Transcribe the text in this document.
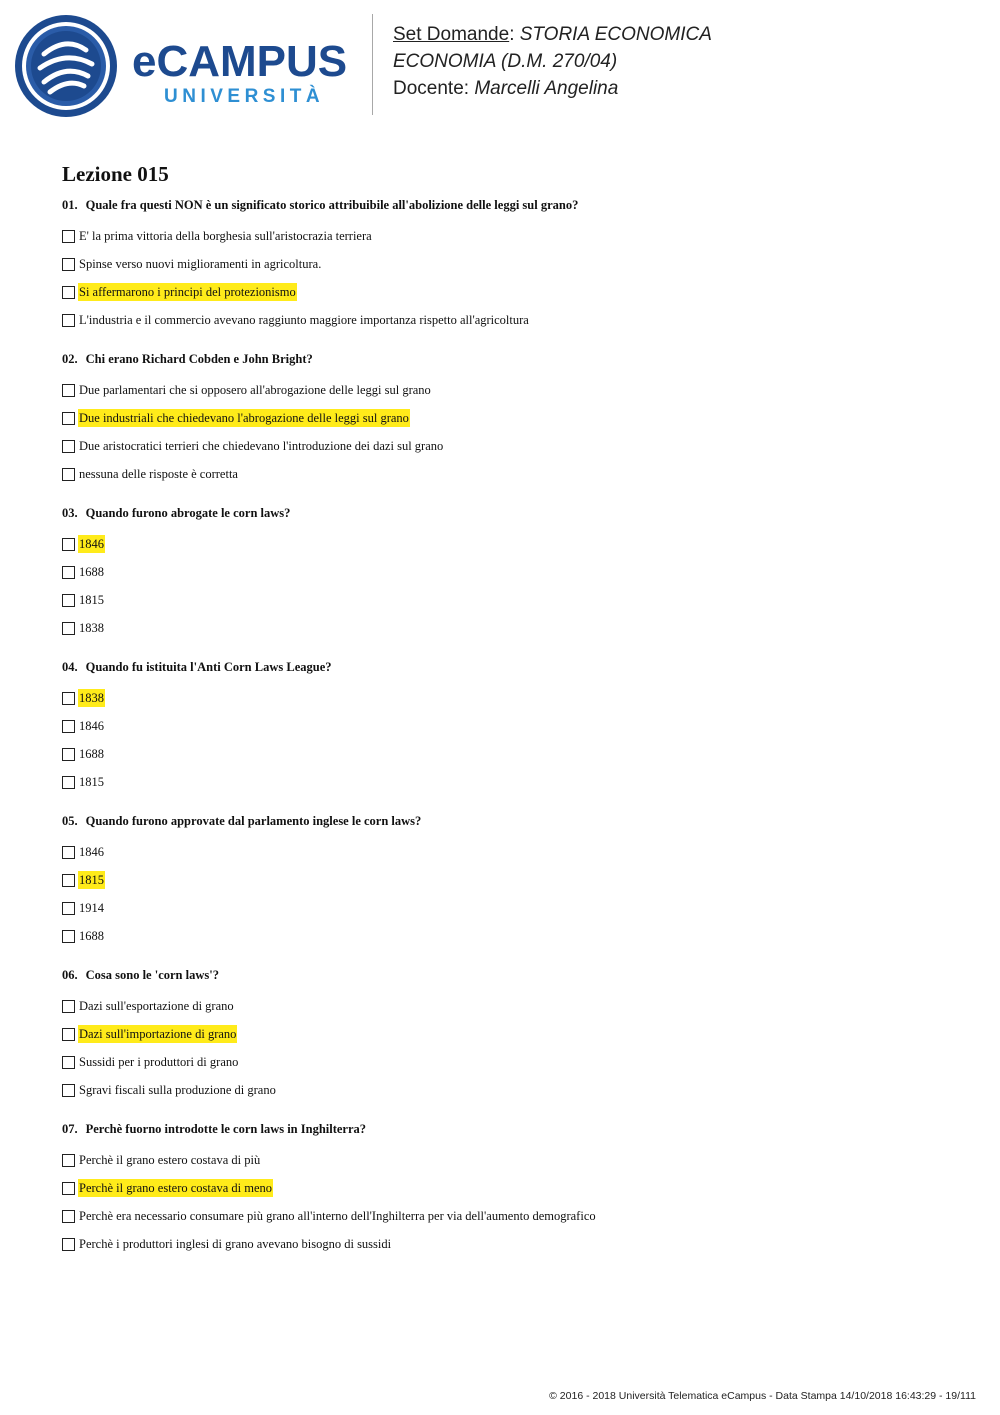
eCAMPUS
UNIVERSITÀ
Set Domande: STORIA ECONOMICA
ECONOMIA (D.M. 270/04)
Docente: Marcelli Angelina
Lezione 015
01. Quale fra questi NON è un significato storico attribuibile all'abolizione delle leggi sul grano?
E' la prima vittoria della borghesia sull'aristocrazia terriera
Spinse verso nuovi miglioramenti in agricoltura.
Si affermarono i principi del protezionismo
L'industria e il commercio avevano raggiunto maggiore importanza rispetto all'agricoltura
02. Chi erano Richard Cobden e John Bright?
Due parlamentari che si opposero all'abrogazione delle leggi sul grano
Due industriali che chiedevano l'abrogazione delle leggi sul grano
Due aristocratici terrieri che chiedevano l'introduzione dei dazi sul grano
nessuna delle risposte è corretta
03. Quando furono abrogate le corn laws?
1846
1688
1815
1838
04. Quando fu istituita l'Anti Corn Laws League?
1838
1846
1688
1815
05. Quando furono approvate dal parlamento inglese le corn laws?
1846
1815
1914
1688
06. Cosa sono le 'corn laws'?
Dazi sull'esportazione di grano
Dazi sull'importazione di grano
Sussidi per i produttori di grano
Sgravi fiscali sulla produzione di grano
07. Perchè fuorno introdotte le corn laws in Inghilterra?
Perchè il grano estero costava di più
Perchè il grano estero costava di meno
Perchè era necessario consumare più grano all'interno dell'Inghilterra per via dell'aumento demografico
Perchè i produttori inglesi di grano avevano bisogno di sussidi
© 2016 - 2018 Università Telematica eCampus - Data Stampa 14/10/2018 16:43:29 - 19/111
